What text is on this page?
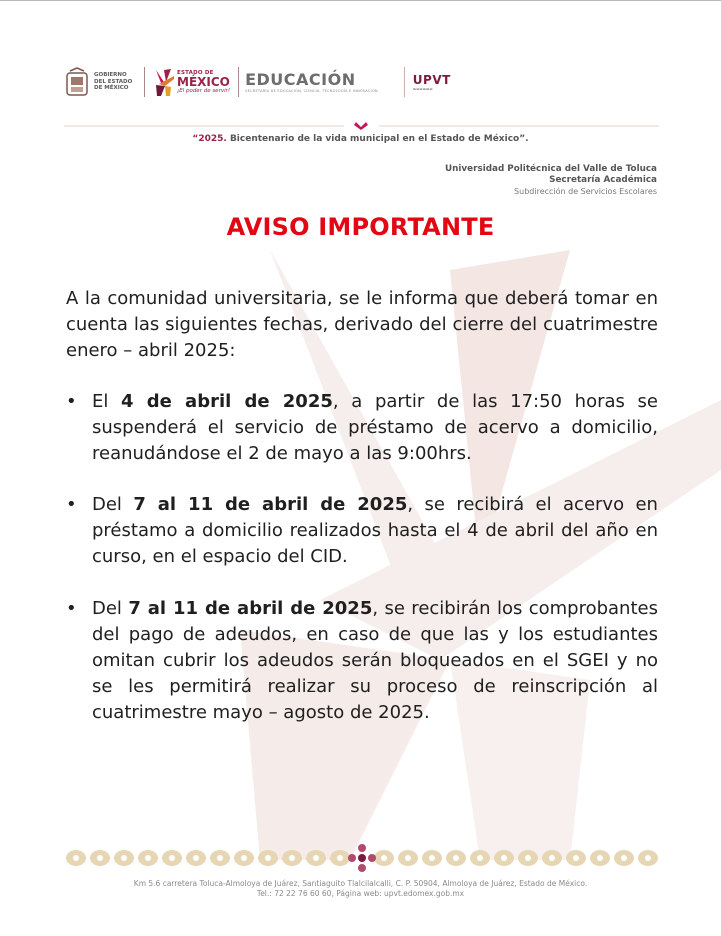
GOBIERNO DEL ESTADO DE MÉXICO
ESTADO DE
MÉXICO
¡El poder de servir!
EDUCACIÓN
SECRETARÍA DE EDUCACIÓN, CIENCIA, TECNOLOGÍA E INNOVACIÓN
UPVT
▬▬▬▬▬▬
“2025. Bicentenario de la vida municipal en el Estado de México”.
Universidad Politécnica del Valle de Toluca
Secretaría Académica
Subdirección de Servicios Escolares
AVISO IMPORTANTE
A la comunidad universitaria, se le informa que deberá tomar en cuenta las siguientes fechas, derivado del cierre del cuatrimestre enero – abril 2025:
• El 4 de abril de 2025, a partir de las 17:50 horas se suspenderá el servicio de préstamo de acervo a domicilio, reanudándose el 2 de mayo a las 9:00hrs.
• Del 7 al 11 de abril de 2025, se recibirá el acervo en préstamo a domicilio realizados hasta el 4 de abril del año en curso, en el espacio del CID.
• Del 7 al 11 de abril de 2025, se recibirán los comprobantes del pago de adeudos, en caso de que las y los estudiantes omitan cubrir los adeudos serán bloqueados en el SGEI y no se les permitirá realizar su proceso de reinscripción al cuatrimestre mayo – agosto de 2025.
Km 5.6 carretera Toluca-Almoloya de Juárez, Santiaguito Tlalcilalcalli, C. P. 50904, Almoloya de Juárez, Estado de México.
Tel.: 72 22 76 60 60, Página web: upvt.edomex.gob.mx
